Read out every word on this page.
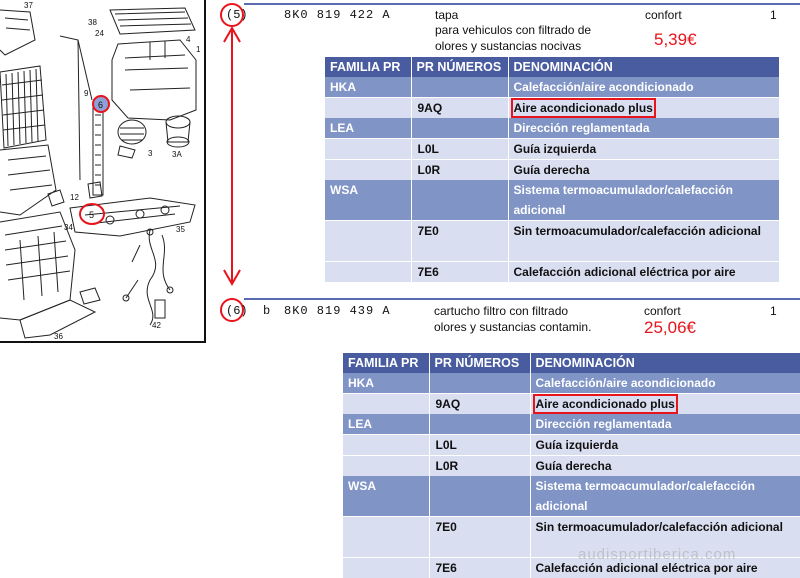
37
38
24
4
1
9
3 3A
12
34	35
42
36
6
5
(5)	8K0 819 422 A	tapa
para vehiculos con filtrado de
olores y sustancias nocivas
confort	1
5,39€
FAMILIA PR	PR NÚMEROS	DENOMINACIÓN
HKA		Calefacción/aire acondicionado
	9AQ	Aire acondicionado plus
LEA		Dirección reglamentada
	L0L	Guía izquierda
	L0R	Guía derecha
WSA		Sistema termoacumulador/calefacción adicional
	7E0	Sin termoacumulador/calefacción adicional
	7E6	Calefacción adicional eléctrica por aire
(6) b 8K0 819 439 A	cartucho filtro con filtrado
olores y sustancias contamin.
confort	1
25,06€
FAMILIA PR	PR NÚMEROS	DENOMINACIÓN
HKA		Calefacción/aire acondicionado
	9AQ	Aire acondicionado plus
LEA		Dirección reglamentada
	L0L	Guía izquierda
	L0R	Guía derecha
WSA		Sistema termoacumulador/calefacción adicional
	7E0	Sin termoacumulador/calefacción adicional
	7E6	Calefacción adicional eléctrica por aire
audisportiberica.com
